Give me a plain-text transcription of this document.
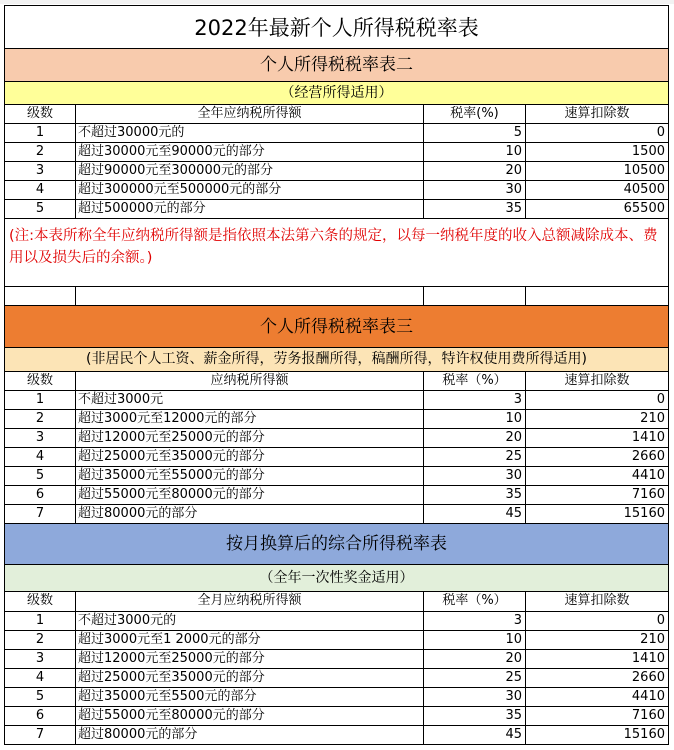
2022年最新个人所得税税率表
个人所得税税率表二
（经营所得适用）
级数	全年应纳税所得额	税率(%)	速算扣除数
1	不超过30000元的	5	0
2	超过30000元至90000元的部分	10	1500
3	超过90000元至300000元的部分	20	10500
4	超过300000元至500000元的部分	30	40500
5	超过500000元的部分	35	65500
(注:本表所称全年应纳税所得额是指依照本法第六条的规定，以每一纳税年度的收入总额减除成本、费用以及损失后的余额。)
个人所得税税率表三
(非居民个人工资、薪金所得，劳务报酬所得，稿酬所得，特许权使用费所得适用)
级数	应纳税所得额	税率（%）	速算扣除数
1	不超过3000元	3	0
2	超过3000元至12000元的部分	10	210
3	超过12000元至25000元的部分	20	1410
4	超过25000元至35000元的部分	25	2660
5	超过35000元至55000元的部分	30	4410
6	超过55000元至80000元的部分	35	7160
7	超过80000元的部分	45	15160
按月换算后的综合所得税率表
（全年一次性奖金适用）
级数	全月应纳税所得额	税率（%）	速算扣除数
1	不超过3000元的	3	0
2	超过3000元至1 2000元的部分	10	210
3	超过12000元至25000元的部分	20	1410
4	超过25000元至35000元的部分	25	2660
5	超过35000元至5500元的部分	30	4410
6	超过55000元至80000元的部分	35	7160
7	超过80000元的部分	45	15160
